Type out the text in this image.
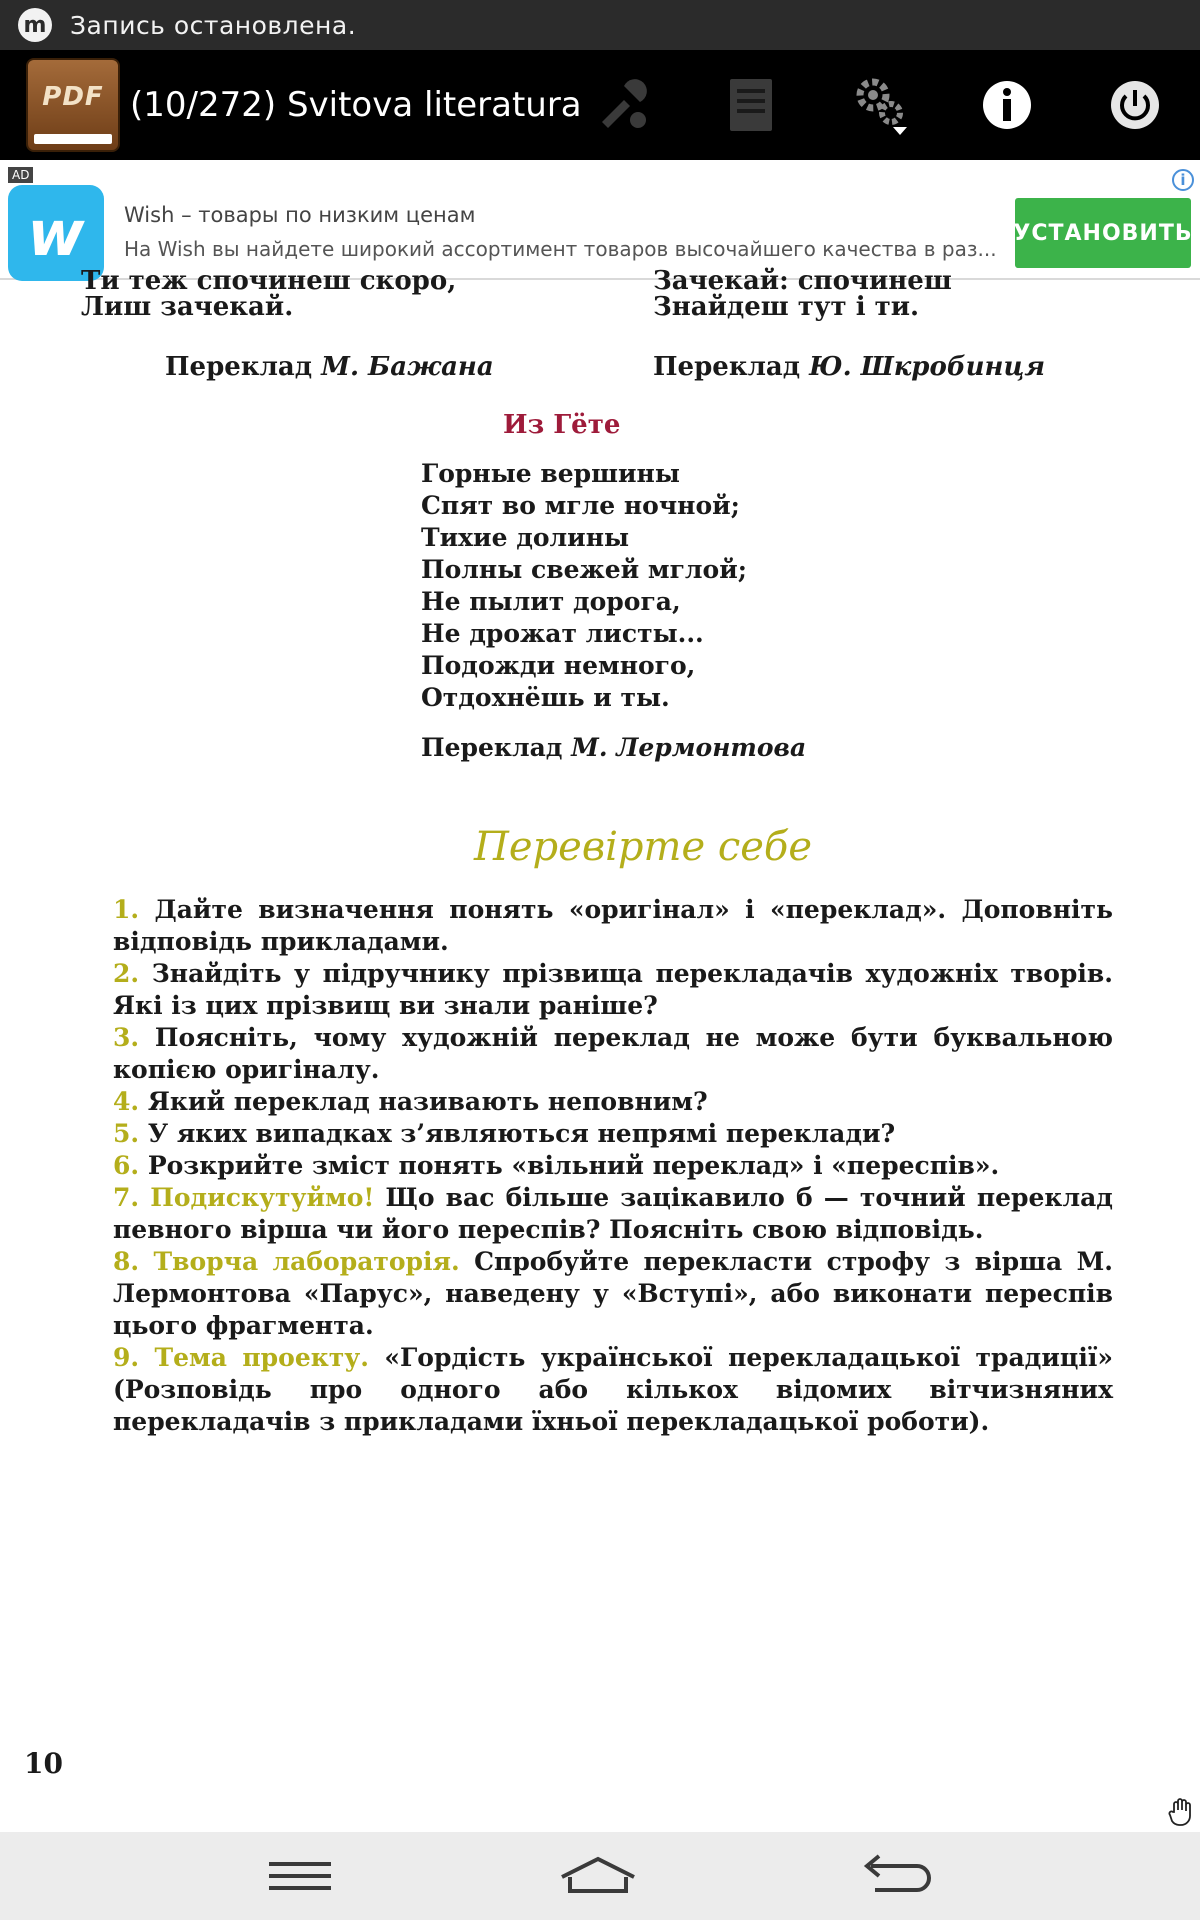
m Запись остановлена.
PDF (10/272) Svitova literatura
AD
w	Wish – товары по низким ценам
На Wish вы найдете широкий ассортимент товаров высочайшего качества в раз...
УСТАНОВИТЬ
i
Ти теж спочинеш скоро,	Зачекай: спочинеш
Лиш зачекай.	Знайдеш тут і ти.
Переклад М. Бажана	Переклад Ю. Шкробинця
Из Гёте
Горные вершины
Спят во мгле ночной;
Тихие долины
Полны свежей мглой;
Не пылит дорога,
Не дрожат листы...
Подожди немного,
Отдохнёшь и ты.
Переклад М. Лермонтова
Перевірте себе

1. Дайте визначення понять «оригінал» і «переклад». Доповніть відповідь прикладами.

2. Знайдіть у підручнику прізвища перекладачів художніх творів. Які із цих прізвищ ви знали раніше?

3. Поясніть, чому художній переклад не може бути буквальною копією оригіналу.

4. Який переклад називають неповним?

5. У яких випадках з’являються непрямі переклади?

6. Розкрийте зміст понять «вільний переклад» і «переспів».

7. Подискутуймо! Що вас більше зацікавило б — точний переклад певного вірша чи його переспів? Поясніть свою відповідь.

8. Творча лабораторія. Спробуйте перекласти строфу з вірша М. Лермонтова «Парус», наведену у «Вступі», або виконати переспів цього фрагмента.

9. Тема проекту. «Гордість української перекладацької традиції» (Розповідь про одного або кількох відомих вітчизняних перекладачів з прикладами їхньої перекладацької роботи).

10
